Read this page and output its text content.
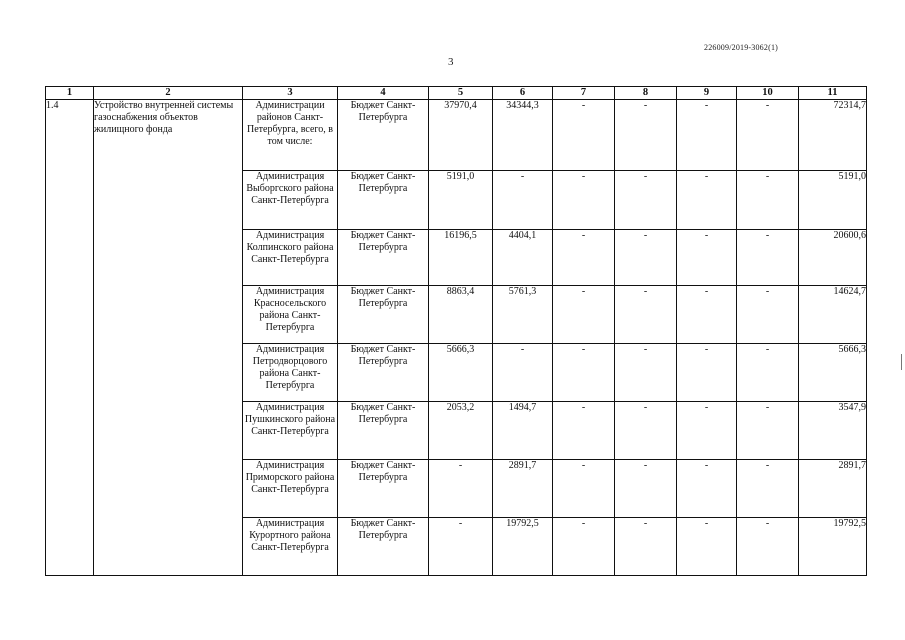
226009/2019-3062(1)
3
1	2	3	4	5	6	7	8	9	10	11
1.4	Устройство внутренней системы газоснабжения объектов жилищного фонда	Администрации районов Санкт-Петербурга, всего, в том числе:	Бюджет Санкт-Петербурга	37970,4	34344,3	-	-	-	-	72314,7
		Администрация Выборгского района Санкт-Петербурга	Бюджет Санкт-Петербурга	5191,0	-	-	-	-	-	5191,0
		Администрация Колпинского района Санкт-Петербурга	Бюджет Санкт-Петербурга	16196,5	4404,1	-	-	-	-	20600,6
		Администрация Красносельского района Санкт-Петербурга	Бюджет Санкт-Петербурга	8863,4	5761,3	-	-	-	-	14624,7
		Администрация Петродворцового района Санкт-Петербурга	Бюджет Санкт-Петербурга	5666,3	-	-	-	-	-	5666,3
		Администрация Пушкинского района Санкт-Петербурга	Бюджет Санкт-Петербурга	2053,2	1494,7	-	-	-	-	3547,9
		Администрация Приморского района Санкт-Петербурга	Бюджет Санкт-Петербурга	-	2891,7	-	-	-	-	2891,7
		Администрация Курортного района Санкт-Петербурга	Бюджет Санкт-Петербурга	-	19792,5	-	-	-	-	19792,5
